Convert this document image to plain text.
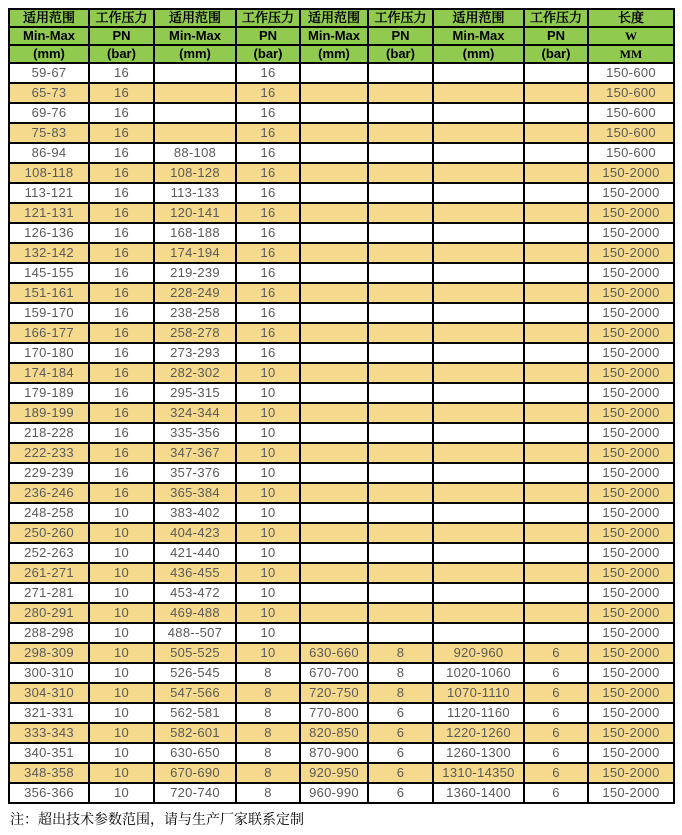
适用范围	工作压力	适用范围	工作压力	适用范围	工作压力	适用范围	工作压力	长度
Min-Max	PN	Min-Max	PN	Min-Max	PN	Min-Max	PN	W
(mm)	(bar)	(mm)	(bar)	(mm)	(bar)	(mm)	(bar)	MM
59-67	16		16					150-600
65-73	16		16					150-600
69-76	16		16					150-600
75-83	16		16					150-600
86-94	16	88-108	16					150-600
108-118	16	108-128	16					150-2000
113-121	16	113-133	16					150-2000
121-131	16	120-141	16					150-2000
126-136	16	168-188	16					150-2000
132-142	16	174-194	16					150-2000
145-155	16	219-239	16					150-2000
151-161	16	228-249	16					150-2000
159-170	16	238-258	16					150-2000
166-177	16	258-278	16					150-2000
170-180	16	273-293	16					150-2000
174-184	16	282-302	10					150-2000
179-189	16	295-315	10					150-2000
189-199	16	324-344	10					150-2000
218-228	16	335-356	10					150-2000
222-233	16	347-367	10					150-2000
229-239	16	357-376	10					150-2000
236-246	16	365-384	10					150-2000
248-258	10	383-402	10					150-2000
250-260	10	404-423	10					150-2000
252-263	10	421-440	10					150-2000
261-271	10	436-455	10					150-2000
271-281	10	453-472	10					150-2000
280-291	10	469-488	10					150-2000
288-298	10	488--507	10					150-2000
298-309	10	505-525	10	630-660	8	920-960	6	150-2000
300-310	10	526-545	8	670-700	8	1020-1060	6	150-2000
304-310	10	547-566	8	720-750	8	1070-1110	6	150-2000
321-331	10	562-581	8	770-800	6	1120-1160	6	150-2000
333-343	10	582-601	8	820-850	6	1220-1260	6	150-2000
340-351	10	630-650	8	870-900	6	1260-1300	6	150-2000
348-358	10	670-690	8	920-950	6	1310-14350	6	150-2000
356-366	10	720-740	8	960-990	6	1360-1400	6	150-2000
注：超出技术参数范围，请与生产厂家联系定制
